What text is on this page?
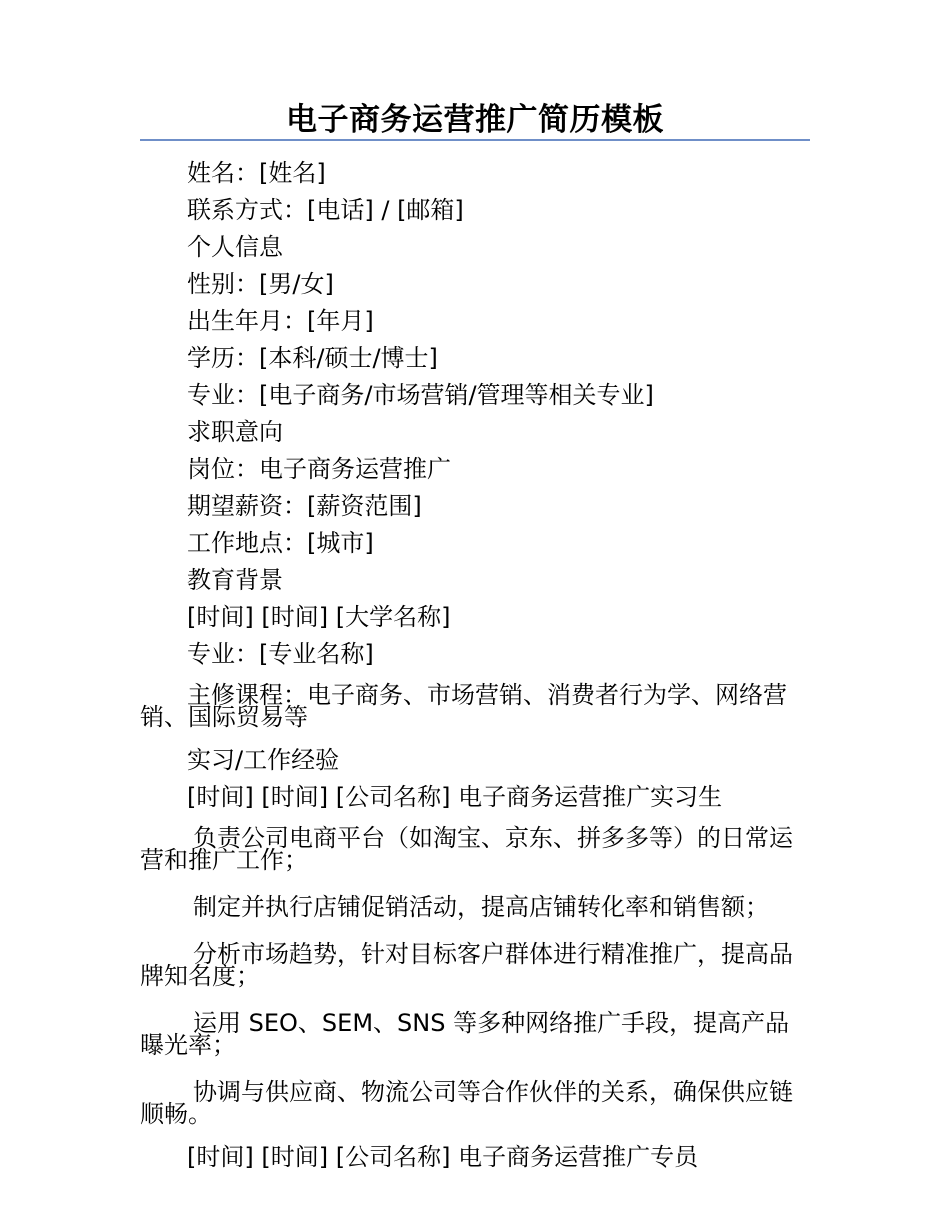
电子商务运营推广简历模板
姓名：[姓名]
联系方式：[电话] / [邮箱]
个人信息
性别：[男/女]
出生年月：[年月]
学历：[本科/硕士/博士]
专业：[电子商务/市场营销/管理等相关专业]
求职意向
岗位：电子商务运营推广
期望薪资：[薪资范围]
工作地点：[城市]
教育背景
[时间] [时间] [大学名称]
专业：[专业名称]
主修课程：电子商务、市场营销、消费者行为学、网络营销、国际贸易等
实习/工作经验
[时间] [时间] [公司名称] 电子商务运营推广实习生
负责公司电商平台（如淘宝、京东、拼多多等）的日常运营和推广工作；
制定并执行店铺促销活动，提高店铺转化率和销售额；
分析市场趋势，针对目标客户群体进行精准推广，提高品牌知名度；
运用 SEO、SEM、SNS 等多种网络推广手段，提高产品曝光率；
协调与供应商、物流公司等合作伙伴的关系，确保供应链顺畅。
[时间] [时间] [公司名称] 电子商务运营推广专员
